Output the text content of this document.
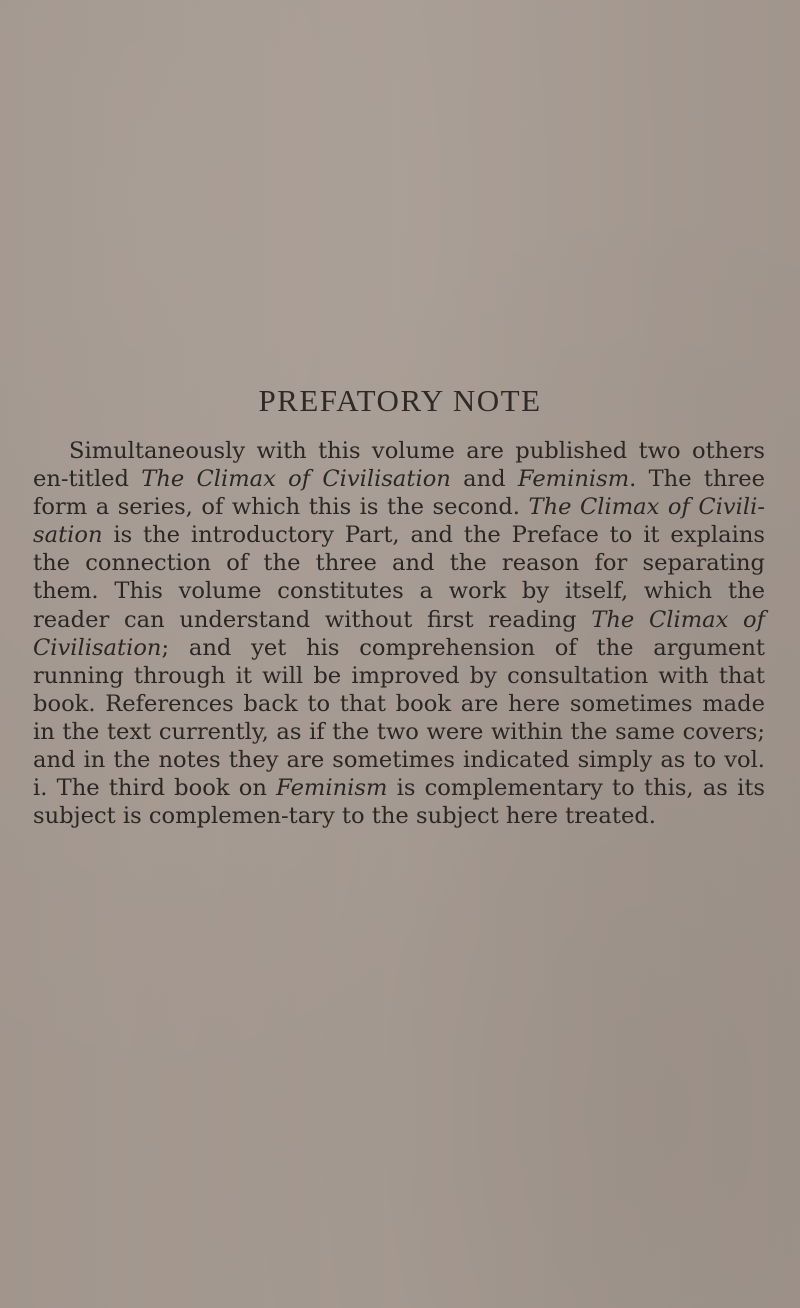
PREFATORY NOTE

Simultaneously with this volume are published two others en-titled The Climax of Civilisation and Feminism. The three form a series, of which this is the second. The Climax of Civili-sation is the introductory Part, and the Preface to it explains the connection of the three and the reason for separating them. This volume constitutes a work by itself, which the reader can understand without first reading The Climax of Civilisation; and yet his comprehension of the argument running through it will be improved by consultation with that book. References back to that book are here sometimes made in the text currently, as if the two were within the same covers; and in the notes they are sometimes indicated simply as to vol. i. The third book on Feminism is complementary to this, as its subject is complemen-tary to the subject here treated.
